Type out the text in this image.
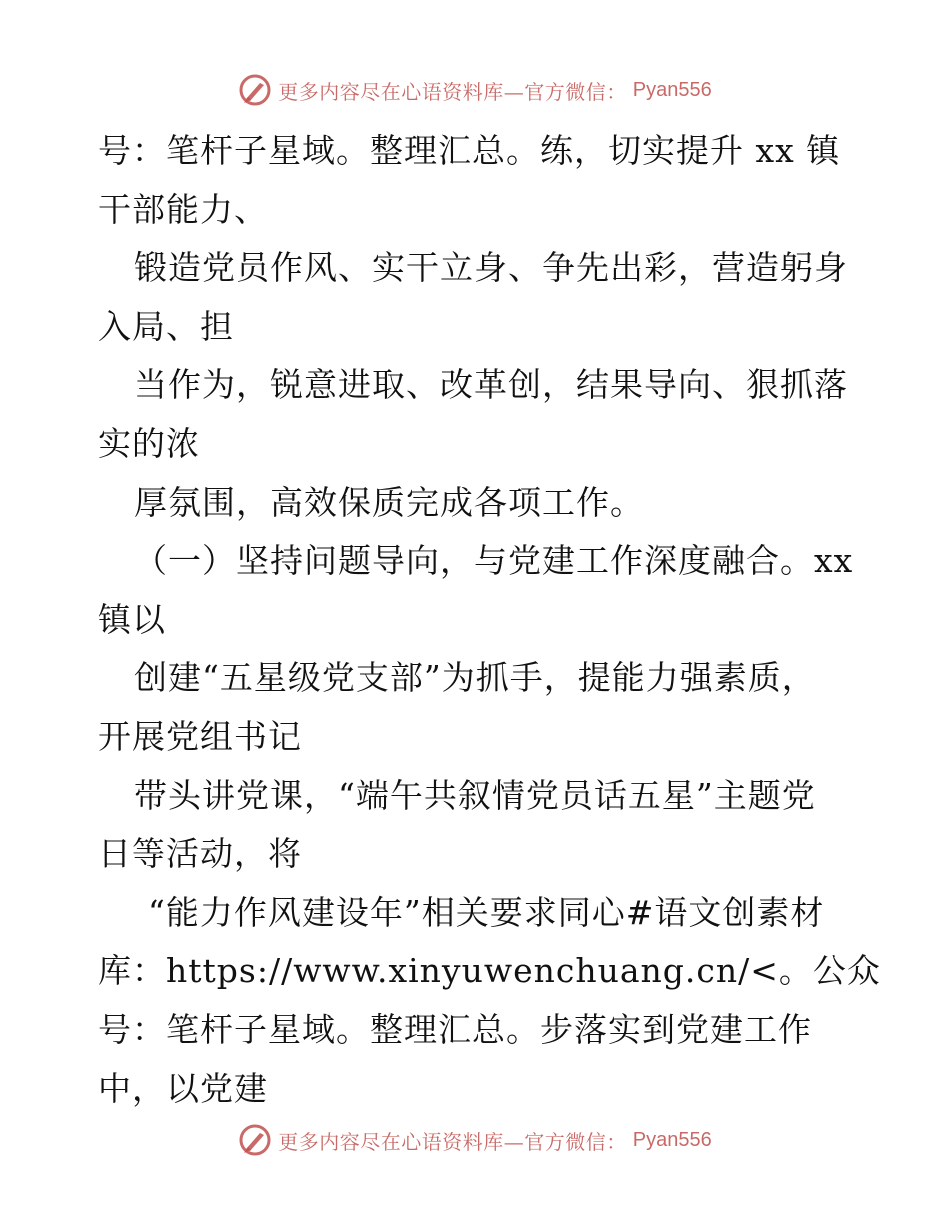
更多内容尽在心语资料库—官方微信： Pyan556
号：笔杆子星域。整理汇总。练，切实提升 xx 镇
干部能力、
锻造党员作风、实干立身、争先出彩，营造躬身
入局、担
当作为，锐意进取、改革创，结果导向、狠抓落
实的浓
厚氛围，高效保质完成各项工作。
（一）坚持问题导向，与党建工作深度融合。xx
镇以
创建“五星级党支部”为抓手，提能力强素质，
开展党组书记
带头讲党课，“端午共叙情党员话五星”主题党
日等活动，将
“能力作风建设年”相关要求同心#语文创素材
库：https://www.xinyuwenchuang.cn/<。公众
号：笔杆子星域。整理汇总。步落实到党建工作
中，以党建
更多内容尽在心语资料库—官方微信： Pyan556
